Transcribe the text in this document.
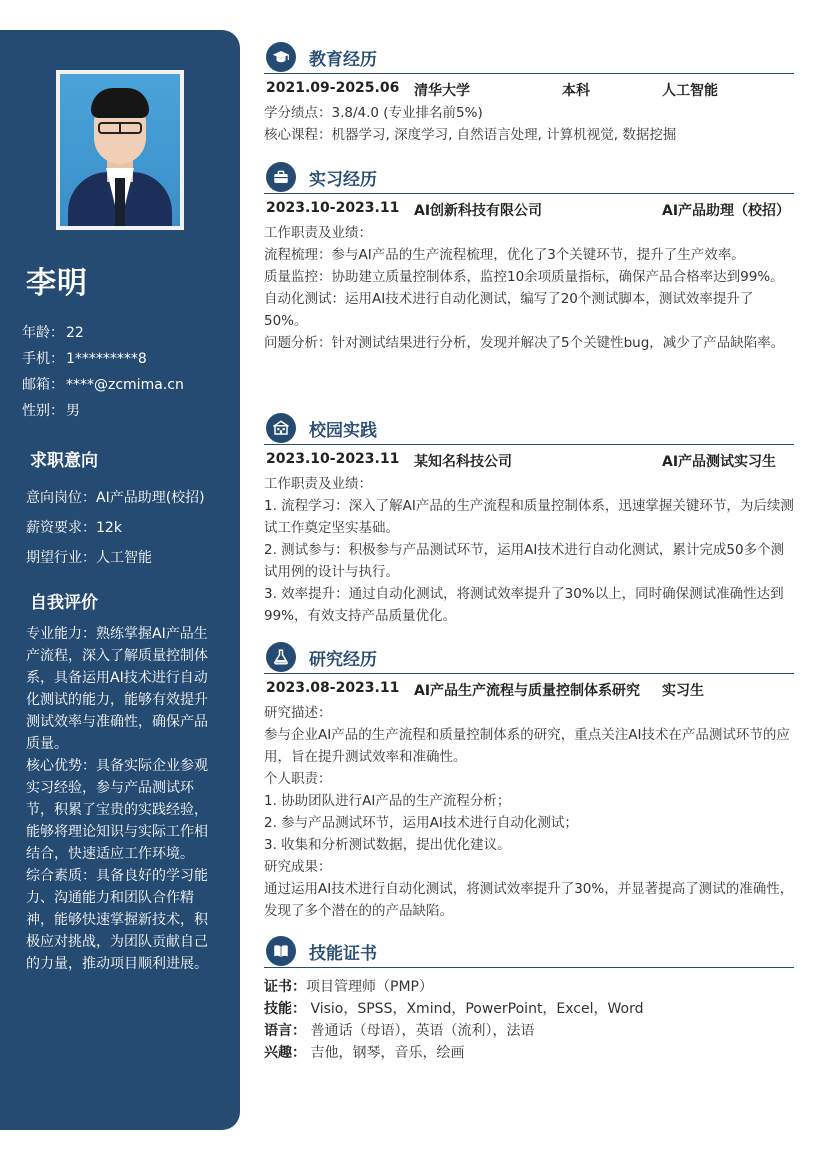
李明
年龄： 22
手机： 1*********8
邮箱： ****@zcmima.cn
性别： 男
求职意向
意向岗位：AI产品助理(校招)
薪资要求：12k
期望行业：人工智能
自我评价

专业能力：熟练掌握AI产品生产流程，深入了解质量控制体系，具备运用AI技术进行自动化测试的能力，能够有效提升测试效率与准确性，确保产品质量。

核心优势：具备实际企业参观实习经验，参与产品测试环节，积累了宝贵的实践经验，能够将理论知识与实际工作相结合，快速适应工作环境。

综合素质：具备良好的学习能力、沟通能力和团队合作精神，能够快速掌握新技术，积极应对挑战，为团队贡献自己的力量，推动项目顺利进展。

教育经历
2021.09-2025.06 清华大学	本科	人工智能

学分绩点：3.8/4.0 (专业排名前5%)

核心课程：机器学习, 深度学习, 自然语言处理, 计算机视觉, 数据挖掘

实习经历
2023.10-2023.11 AI创新科技有限公司	AI产品助理（校招）

工作职责及业绩：

流程梳理：参与AI产品的生产流程梳理，优化了3个关键环节，提升了生产效率。

质量监控：协助建立质量控制体系，监控10余项质量指标，确保产品合格率达到99%。

自动化测试：运用AI技术进行自动化测试，编写了20个测试脚本，测试效率提升了50%。

问题分析：针对测试结果进行分析，发现并解决了5个关键性bug，减少了产品缺陷率。

校园实践
2023.10-2023.11 某知名科技公司	AI产品测试实习生

工作职责及业绩：

1. 流程学习：深入了解AI产品的生产流程和质量控制体系，迅速掌握关键环节，为后续测试工作奠定坚实基础。

2. 测试参与：积极参与产品测试环节，运用AI技术进行自动化测试，累计完成50多个测试用例的设计与执行。

3. 效率提升：通过自动化测试，将测试效率提升了30%以上，同时确保测试准确性达到99%，有效支持产品质量优化。

研究经历
2023.08-2023.11 AI产品生产流程与质量控制体系研究 实习生

研究描述：

参与企业AI产品的生产流程和质量控制体系的研究，重点关注AI技术在产品测试环节的应用，旨在提升测试效率和准确性。

个人职责：

1. 协助团队进行AI产品的生产流程分析；

2. 参与产品测试环节，运用AI技术进行自动化测试；

3. 收集和分析测试数据，提出优化建议。

研究成果：

通过运用AI技术进行自动化测试，将测试效率提升了30%，并显著提高了测试的准确性，发现了多个潜在的的产品缺陷。

技能证书
证书：项目管理师（PMP）
技能： Visio，SPSS，Xmind，PowerPoint，Excel，Word
语言： 普通话（母语），英语（流利），法语
兴趣： 吉他，钢琴，音乐，绘画
